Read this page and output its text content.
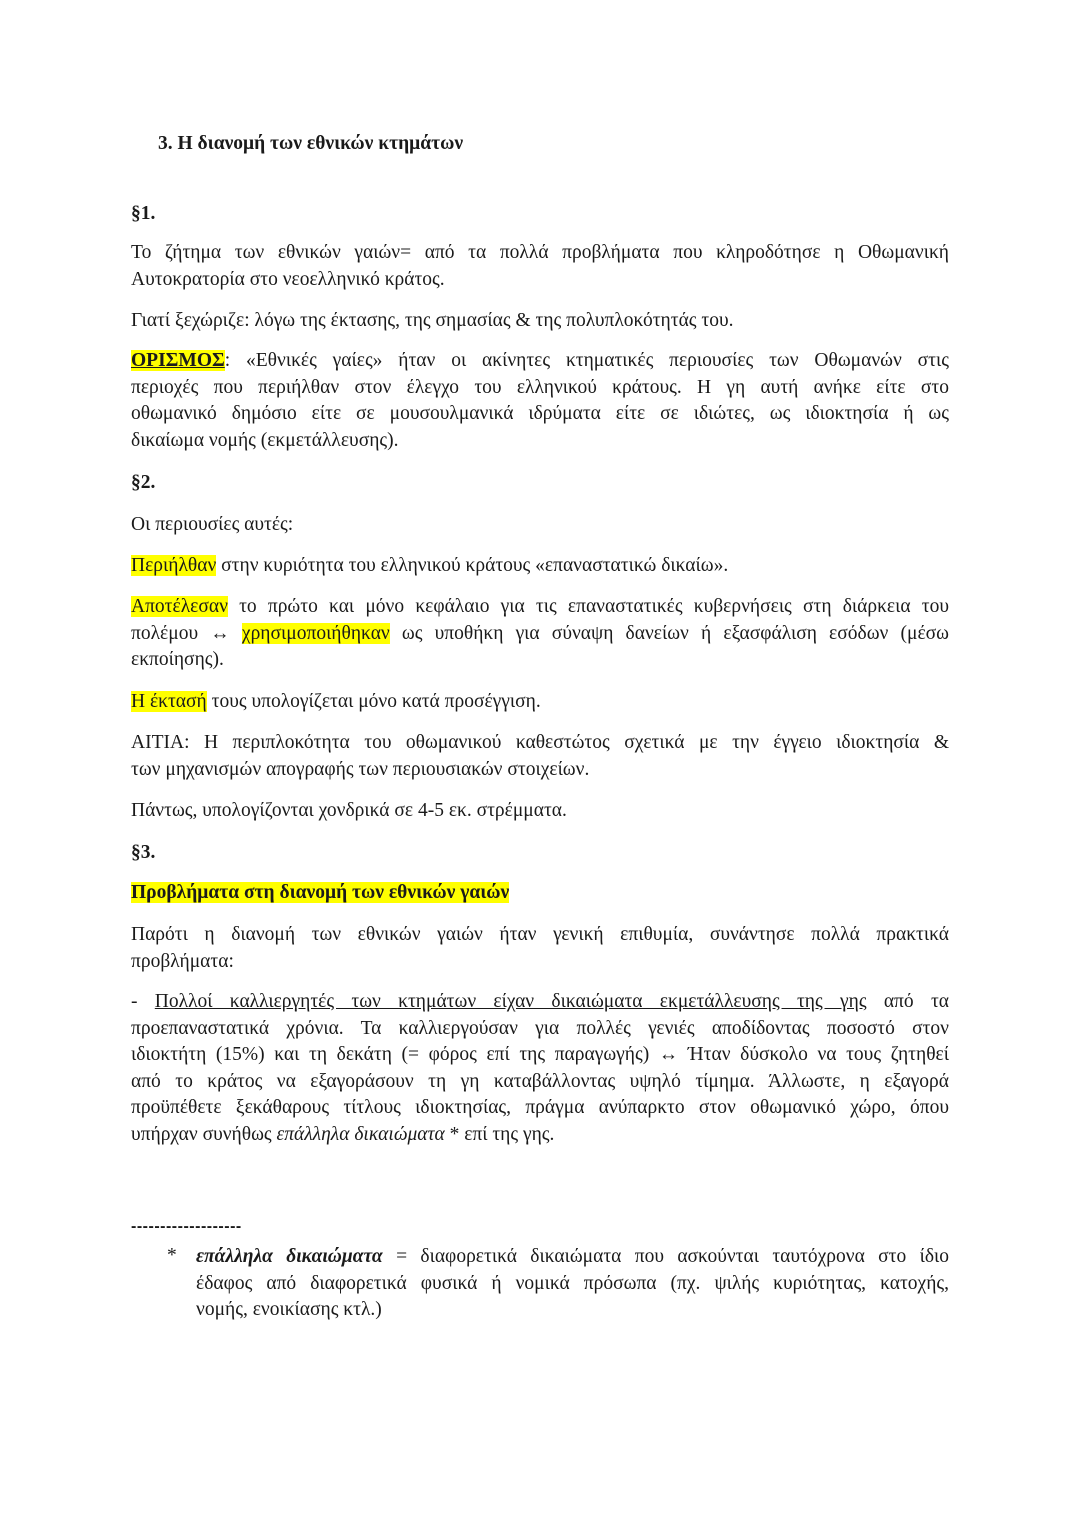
3. Η διανομή των εθνικών κτημάτων
§1.
Το ζήτημα των εθνικών γαιών= από τα πολλά προβλήματα που κληροδότησε η Οθωμανική
Αυτοκρατορία στο νεοελληνικό κράτος.
Γιατί ξεχώριζε: λόγω της έκτασης, της σημασίας & της πολυπλοκότητάς του.
ΟΡΙΣΜΟΣ: «Εθνικές γαίες» ήταν οι ακίνητες κτηματικές περιουσίες των Οθωμανών στις
περιοχές που περιήλθαν στον έλεγχο του ελληνικού κράτους. Η γη αυτή ανήκε είτε στο
οθωμανικό δημόσιο είτε σε μουσουλμανικά ιδρύματα είτε σε ιδιώτες, ως ιδιοκτησία ή ως
δικαίωμα νομής (εκμετάλλευσης).
§2.
Οι περιουσίες αυτές:
Περιήλθαν στην κυριότητα του ελληνικού κράτους «επαναστατικώ δικαίω».
Αποτέλεσαν το πρώτο και μόνο κεφάλαιο για τις επαναστατικές κυβερνήσεις στη διάρκεια του
πολέμου ↔ χρησιμοποιήθηκαν ως υποθήκη για σύναψη δανείων ή εξασφάλιση εσόδων (μέσω
εκποίησης).
Η έκτασή τους υπολογίζεται μόνο κατά προσέγγιση.
ΑΙΤΙΑ: Η περιπλοκότητα του οθωμανικού καθεστώτος σχετικά με την έγγειο ιδιοκτησία &
των μηχανισμών απογραφής των περιουσιακών στοιχείων.
Πάντως, υπολογίζονται χονδρικά σε 4-5 εκ. στρέμματα.
§3.
Προβλήματα στη διανομή των εθνικών γαιών
Παρότι η διανομή των εθνικών γαιών ήταν γενική επιθυμία, συνάντησε πολλά πρακτικά
προβλήματα:
- Πολλοί καλλιεργητές των κτημάτων είχαν δικαιώματα εκμετάλλευσης της γης από τα
προεπαναστατικά χρόνια. Τα καλλιεργούσαν για πολλές γενιές αποδίδοντας ποσοστό στον
ιδιοκτήτη (15%) και τη δεκάτη (= φόρος επί της παραγωγής) ↔ Ήταν δύσκολο να τους ζητηθεί
από το κράτος να εξαγοράσουν τη γη καταβάλλοντας υψηλό τίμημα. Άλλωστε, η εξαγορά
προϋπέθετε ξεκάθαρους τίτλους ιδιοκτησίας, πράγμα ανύπαρκτο στον οθωμανικό χώρο, όπου
υπήρχαν συνήθως επάλληλα δικαιώματα * επί της γης.
-------------------
* επάλληλα δικαιώματα = διαφορετικά δικαιώματα που ασκούνται ταυτόχρονα στο ίδιο
έδαφος από διαφορετικά φυσικά ή νομικά πρόσωπα (πχ. ψιλής κυριότητας, κατοχής,
νομής, ενοικίασης κτλ.)
